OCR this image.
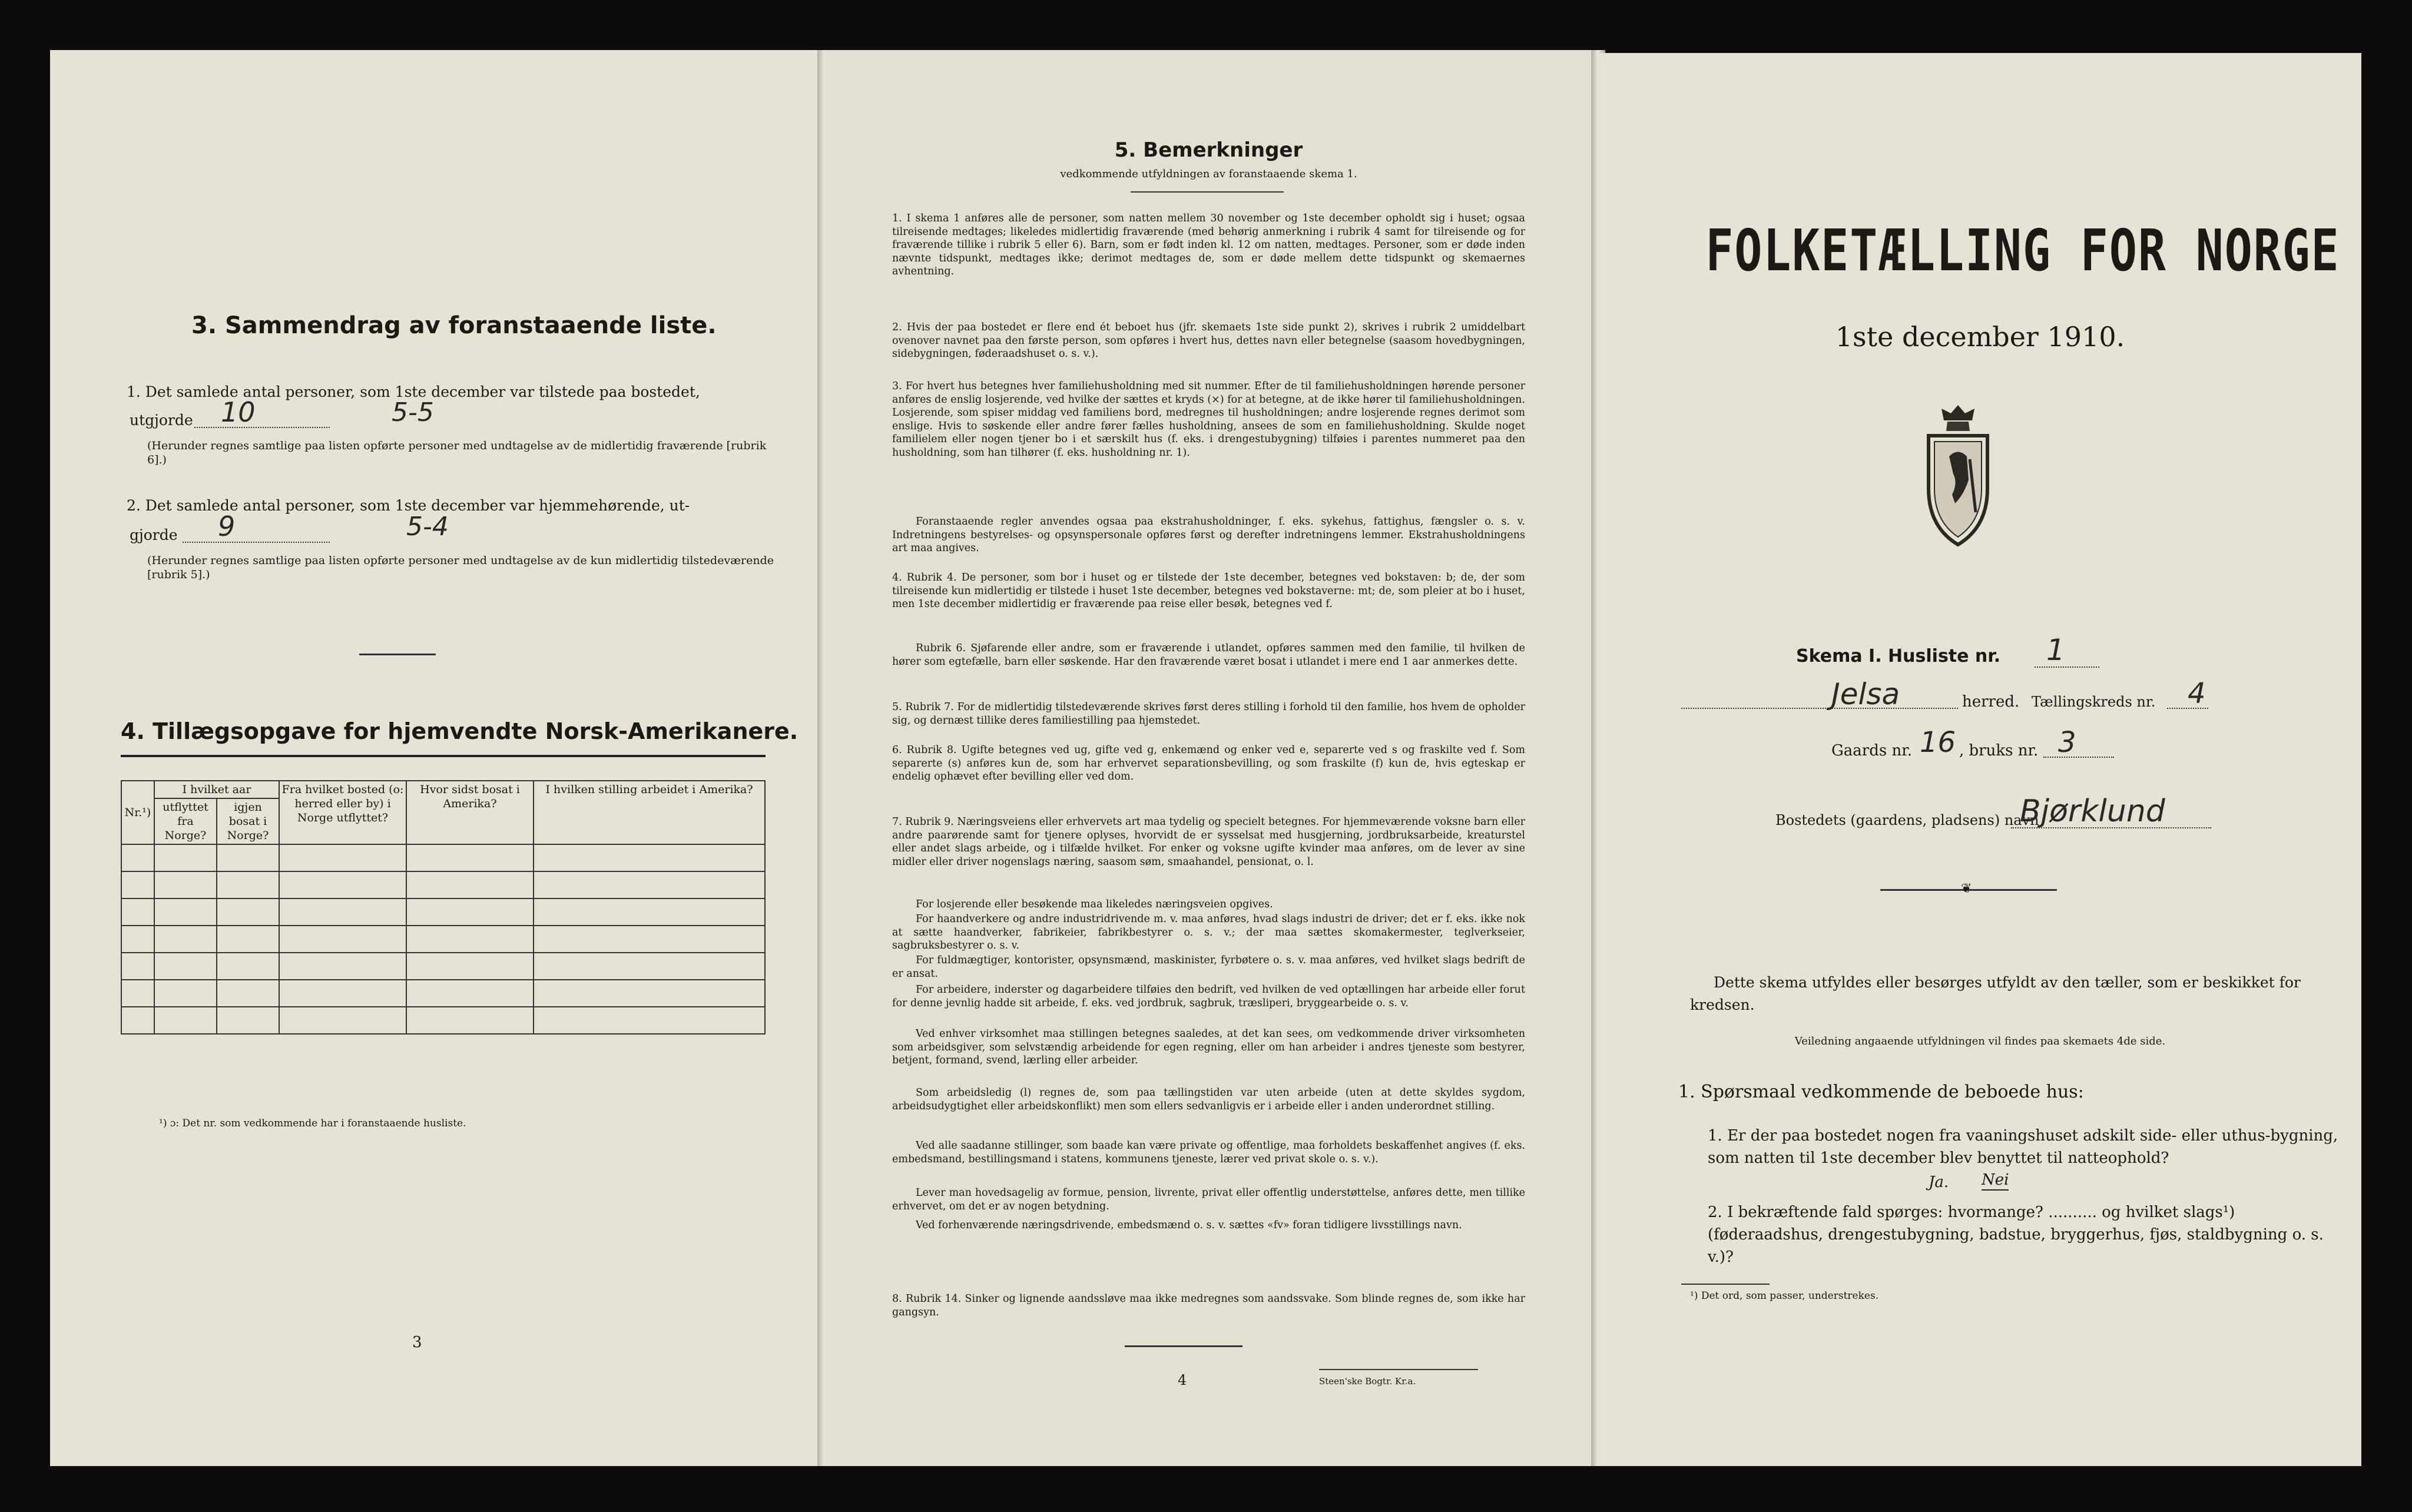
3. Sammendrag av foranstaaende liste.
1. Det samlede antal personer, som 1ste december var tilstede paa bostedet,
utgjorde 10	5-5
(Herunder regnes samtlige paa listen opførte personer med undtagelse av de midlertidig fraværende [rubrik 6].)
2. Det samlede antal personer, som 1ste december var hjemmehørende, ut-
gjorde 9	5-4
(Herunder regnes samtlige paa listen opførte personer med undtagelse av de kun midlertidig tilstedeværende [rubrik 5].)
4. Tillægsopgave for hjemvendte Norsk-Amerikanere.
Nr.¹)	I hvilket aar		Fra hvilket bosted (o: herred eller by) i Norge utflyttet?	Hvor sidst bosat i Amerika?	I hvilken stilling arbeidet i Amerika?
	utflyttet fra Norge?	igjen bosat i Norge?			

¹) ɔ: Det nr. som vedkommende har i foranstaaende husliste.
3
5. Bemerkninger
vedkommende utfyldningen av foranstaaende skema 1.
1. I skema 1 anføres alle de personer, som natten mellem 30 november og 1ste december opholdt sig i huset; ogsaa tilreisende medtages; likeledes midlertidig fraværende (med behørig anmerkning i rubrik 4 samt for tilreisende og for fraværende tillike i rubrik 5 eller 6). Barn, som er født inden kl. 12 om natten, medtages. Personer, som er døde inden nævnte tidspunkt, medtages ikke; derimot medtages de, som er døde mellem dette tidspunkt og skemaernes avhentning.
2. Hvis der paa bostedet er flere end ét beboet hus (jfr. skemaets 1ste side punkt 2), skrives i rubrik 2 umiddelbart ovenover navnet paa den første person, som opføres i hvert hus, dettes navn eller betegnelse (saasom hovedbygningen, sidebygningen, føderaadshuset o. s. v.).
3. For hvert hus betegnes hver familiehusholdning med sit nummer. Efter de til familiehusholdningen hørende personer anføres de enslig losjerende, ved hvilke der sættes et kryds (×) for at betegne, at de ikke hører til familiehusholdningen. Losjerende, som spiser middag ved familiens bord, medregnes til husholdningen; andre losjerende regnes derimot som enslige. Hvis to søskende eller andre fører fælles husholdning, ansees de som en familiehusholdning. Skulde noget familielem eller nogen tjener bo i et særskilt hus (f. eks. i drengestubygning) tilføies i parentes nummeret paa den husholdning, som han tilhører (f. eks. husholdning nr. 1).
Foranstaaende regler anvendes ogsaa paa ekstrahusholdninger, f. eks. sykehus, fattighus, fængsler o. s. v. Indretningens bestyrelses- og opsynspersonale opføres først og derefter indretningens lemmer. Ekstrahusholdningens art maa angives.
4. Rubrik 4. De personer, som bor i huset og er tilstede der 1ste december, betegnes ved bokstaven: b; de, der som tilreisende kun midlertidig er tilstede i huset 1ste december, betegnes ved bokstaverne: mt; de, som pleier at bo i huset, men 1ste december midlertidig er fraværende paa reise eller besøk, betegnes ved f.
Rubrik 6. Sjøfarende eller andre, som er fraværende i utlandet, opføres sammen med den familie, til hvilken de hører som egtefælle, barn eller søskende. Har den fraværende været bosat i utlandet i mere end 1 aar anmerkes dette.
5. Rubrik 7. For de midlertidig tilstedeværende skrives først deres stilling i forhold til den familie, hos hvem de opholder sig, og dernæst tillike deres familiestilling paa hjemstedet.
6. Rubrik 8. Ugifte betegnes ved ug, gifte ved g, enkemænd og enker ved e, separerte ved s og fraskilte ved f. Som separerte (s) anføres kun de, som har erhvervet separationsbevilling, og som fraskilte (f) kun de, hvis egteskap er endelig ophævet efter bevilling eller ved dom.
7. Rubrik 9. Næringsveiens eller erhvervets art maa tydelig og specielt betegnes. For hjemmeværende voksne barn eller andre paarørende samt for tjenere oplyses, hvorvidt de er sysselsat med husgjerning, jordbruksarbeide, kreaturstel eller andet slags arbeide, og i tilfælde hvilket. For enker og voksne ugifte kvinder maa anføres, om de lever av sine midler eller driver nogenslags næring, saasom søm, smaahandel, pensionat, o. l.
For losjerende eller besøkende maa likeledes næringsveien opgives.
For haandverkere og andre industridrivende m. v. maa anføres, hvad slags industri de driver; det er f. eks. ikke nok at sætte haandverker, fabrikeier, fabrikbestyrer o. s. v.; der maa sættes skomakermester, teglverkseier, sagbruksbestyrer o. s. v.
For fuldmægtiger, kontorister, opsynsmænd, maskinister, fyrbøtere o. s. v. maa anføres, ved hvilket slags bedrift de er ansat.
For arbeidere, inderster og dagarbeidere tilføies den bedrift, ved hvilken de ved optællingen har arbeide eller forut for denne jevnlig hadde sit arbeide, f. eks. ved jordbruk, sagbruk, træsliperi, bryggearbeide o. s. v.
Ved enhver virksomhet maa stillingen betegnes saaledes, at det kan sees, om vedkommende driver virksomheten som arbeidsgiver, som selvstændig arbeidende for egen regning, eller om han arbeider i andres tjeneste som bestyrer, betjent, formand, svend, lærling eller arbeider.
Som arbeidsledig (l) regnes de, som paa tællingstiden var uten arbeide (uten at dette skyldes sygdom, arbeidsudygtighet eller arbeidskonflikt) men som ellers sedvanligvis er i arbeide eller i anden underordnet stilling.
Ved alle saadanne stillinger, som baade kan være private og offentlige, maa forholdets beskaffenhet angives (f. eks. embedsmand, bestillingsmand i statens, kommunens tjeneste, lærer ved privat skole o. s. v.).
Lever man hovedsagelig av formue, pension, livrente, privat eller offentlig understøttelse, anføres dette, men tillike erhvervet, om det er av nogen betydning.
Ved forhenværende næringsdrivende, embedsmænd o. s. v. sættes «fv» foran tidligere livsstillings navn.
8. Rubrik 14. Sinker og lignende aandssløve maa ikke medregnes som aandssvake. Som blinde regnes de, som ikke har gangsyn.
4	Steen'ske Bogtr. Kr.a.
FOLKETÆLLING FOR NORGE
1ste december 1910.
Skema I. Husliste nr. 1
Jelsa	herred. Tællingskreds nr. 4
Gaards nr. 16 , bruks nr. 3
Bostedets (gaardens, pladsens) navn
Bjørklund
❦
Dette skema utfyldes eller besørges utfyldt av den tæller, som er beskikket for kredsen.
Veiledning angaaende utfyldningen vil findes paa skemaets 4de side.
1. Spørsmaal vedkommende de beboede hus:
1. Er der paa bostedet nogen fra vaaningshuset adskilt side- eller uthus-bygning, som natten til 1ste december blev benyttet til natteophold?
Ja. Nei
2. I bekræftende fald spørges: hvormange? .......... og hvilket slags¹) (føderaadshus, drengestubygning, badstue, bryggerhus, fjøs, staldbygning o. s. v.)?
¹) Det ord, som passer, understrekes.
